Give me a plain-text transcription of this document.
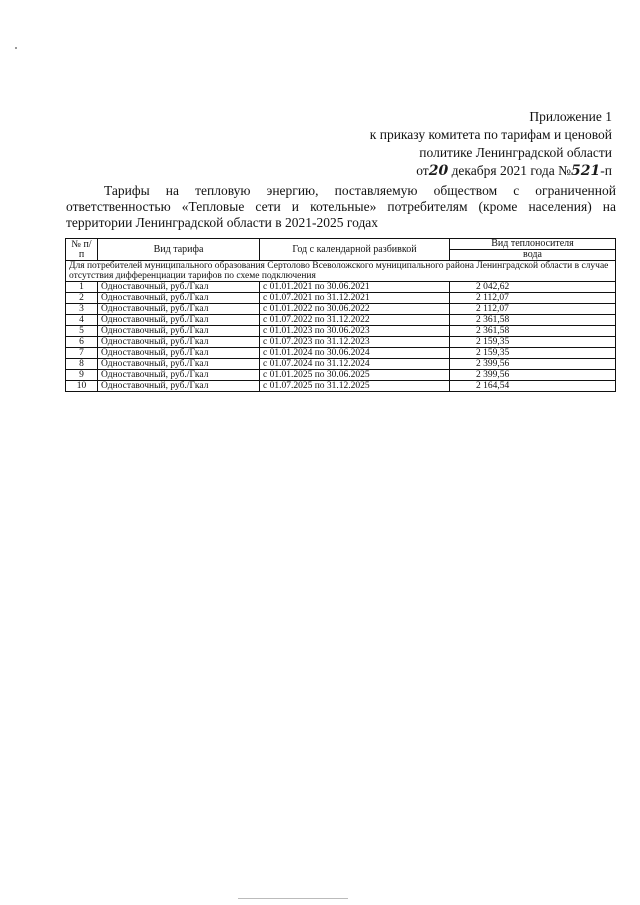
Приложение 1
к приказу комитета по тарифам и ценовой
политике Ленинградской области
от20 декабря 2021 года №521-п
Тарифы на тепловую энергию, поставляемую обществом с ограниченной ответственностью «Тепловые сети и котельные» потребителям (кроме населения) на территории Ленинградской области в 2021-2025 годах
№ п/п	Вид тарифа	Год с календарной разбивкой	Вид теплоносителя
			вода
Для потребителей муниципального образования Сертолово Всеволожского муниципального района Ленинградской области в случае отсутствия дифференциации тарифов по схеме подключения			
1	Одноставочный, руб./Гкал	с 01.01.2021 по 30.06.2021	2 042,62
2	Одноставочный, руб./Гкал	с 01.07.2021 по 31.12.2021	2 112,07
3	Одноставочный, руб./Гкал	с 01.01.2022 по 30.06.2022	2 112,07
4	Одноставочный, руб./Гкал	с 01.07.2022 по 31.12.2022	2 361,58
5	Одноставочный, руб./Гкал	с 01.01.2023 по 30.06.2023	2 361,58
6	Одноставочный, руб./Гкал	с 01.07.2023 по 31.12.2023	2 159,35
7	Одноставочный, руб./Гкал	с 01.01.2024 по 30.06.2024	2 159,35
8	Одноставочный, руб./Гкал	с 01.07.2024 по 31.12.2024	2 399,56
9	Одноставочный, руб./Гкал	с 01.01.2025 по 30.06.2025	2 399,56
10	Одноставочный, руб./Гкал	с 01.07.2025 по 31.12.2025	2 164,54
